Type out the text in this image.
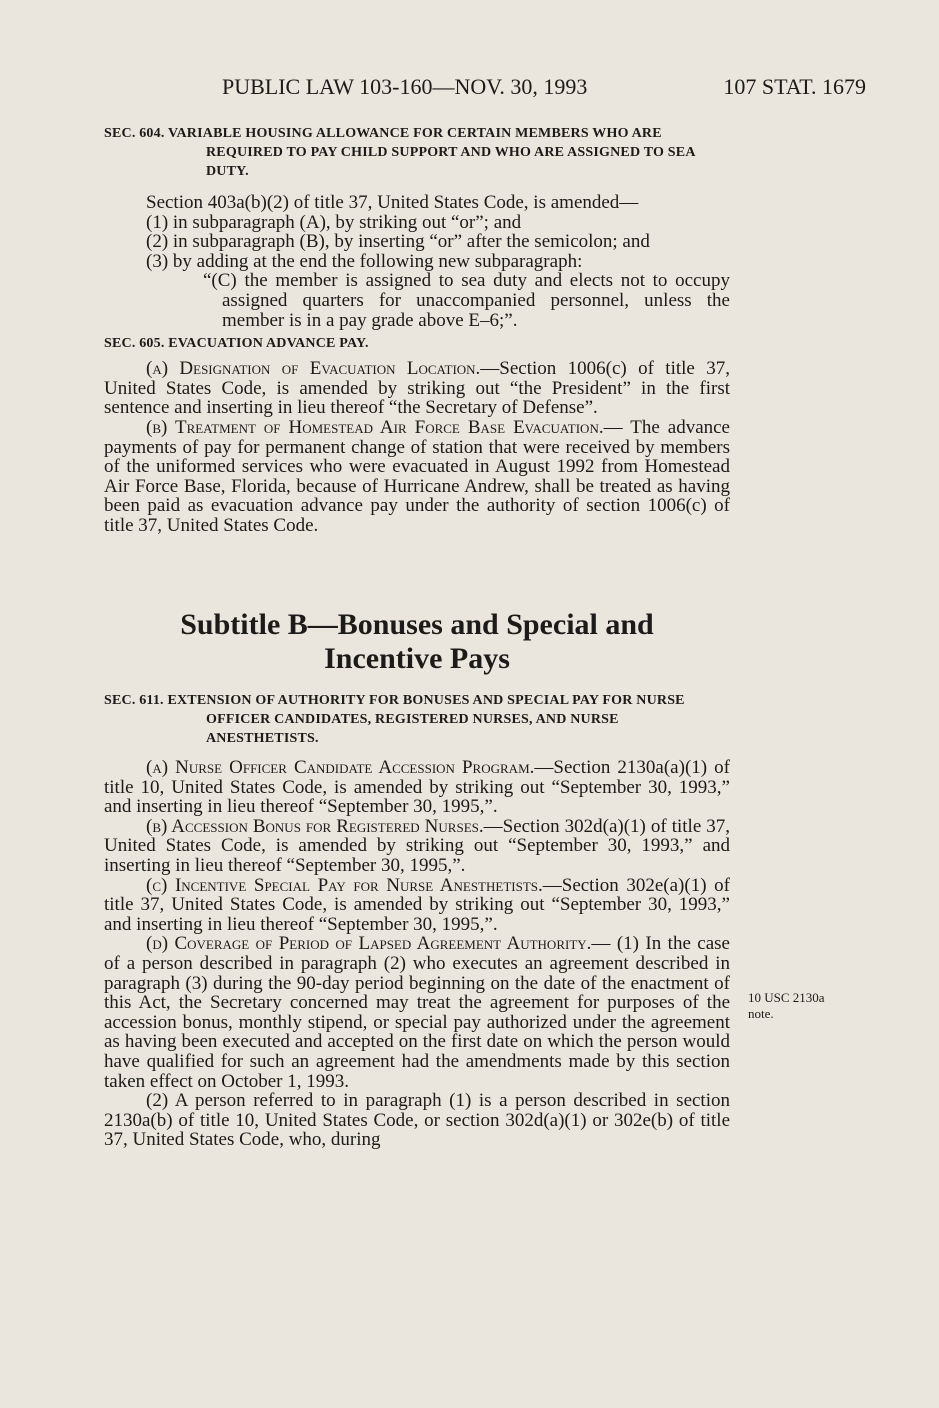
PUBLIC LAW 103-160—NOV. 30, 1993	107 STAT. 1679

SEC. 604. VARIABLE HOUSING ALLOWANCE FOR CERTAIN MEMBERS WHO ARE REQUIRED TO PAY CHILD SUPPORT AND WHO ARE ASSIGNED TO SEA DUTY.

Section 403a(b)(2) of title 37, United States Code, is amended—

(1) in subparagraph (A), by striking out “or”; and

(2) in subparagraph (B), by inserting “or” after the semicolon; and

(3) by adding at the end the following new subparagraph:

“(C) the member is assigned to sea duty and elects not to occupy assigned quarters for unaccompanied personnel, unless the member is in a pay grade above E–6;”.

SEC. 605. EVACUATION ADVANCE PAY.

(a) Designation of Evacuation Location.—Section 1006(c) of title 37, United States Code, is amended by striking out “the President” in the first sentence and inserting in lieu thereof “the Secretary of Defense”.

(b) Treatment of Homestead Air Force Base Evacuation.— The advance payments of pay for permanent change of station that were received by members of the uniformed services who were evacuated in August 1992 from Homestead Air Force Base, Florida, because of Hurricane Andrew, shall be treated as having been paid as evacuation advance pay under the authority of section 1006(c) of title 37, United States Code.

Subtitle B—Bonuses and Special and
Incentive Pays

SEC. 611. EXTENSION OF AUTHORITY FOR BONUSES AND SPECIAL PAY FOR NURSE OFFICER CANDIDATES, REGISTERED NURSES, AND NURSE ANESTHETISTS.

(a) Nurse Officer Candidate Accession Program.—Section 2130a(a)(1) of title 10, United States Code, is amended by striking out “September 30, 1993,” and inserting in lieu thereof “September 30, 1995,”.

(b) Accession Bonus for Registered Nurses.—Section 302d(a)(1) of title 37, United States Code, is amended by striking out “September 30, 1993,” and inserting in lieu thereof “September 30, 1995,”.

(c) Incentive Special Pay for Nurse Anesthetists.—Section 302e(a)(1) of title 37, United States Code, is amended by striking out “September 30, 1993,” and inserting in lieu thereof “September 30, 1995,”.

(d) Coverage of Period of Lapsed Agreement Authority.— (1) In the case of a person described in paragraph (2) who executes an agreement described in paragraph (3) during the 90-day period beginning on the date of the enactment of this Act, the Secretary concerned may treat the agreement for purposes of the accession bonus, monthly stipend, or special pay authorized under the agreement as having been executed and accepted on the first date on which the person would have qualified for such an agreement had the amendments made by this section taken effect on October 1, 1993.

(2) A person referred to in paragraph (1) is a person described in section 2130a(b) of title 10, United States Code, or section 302d(a)(1) or 302e(b) of title 37, United States Code, who, during

10 USC 2130a
note.
